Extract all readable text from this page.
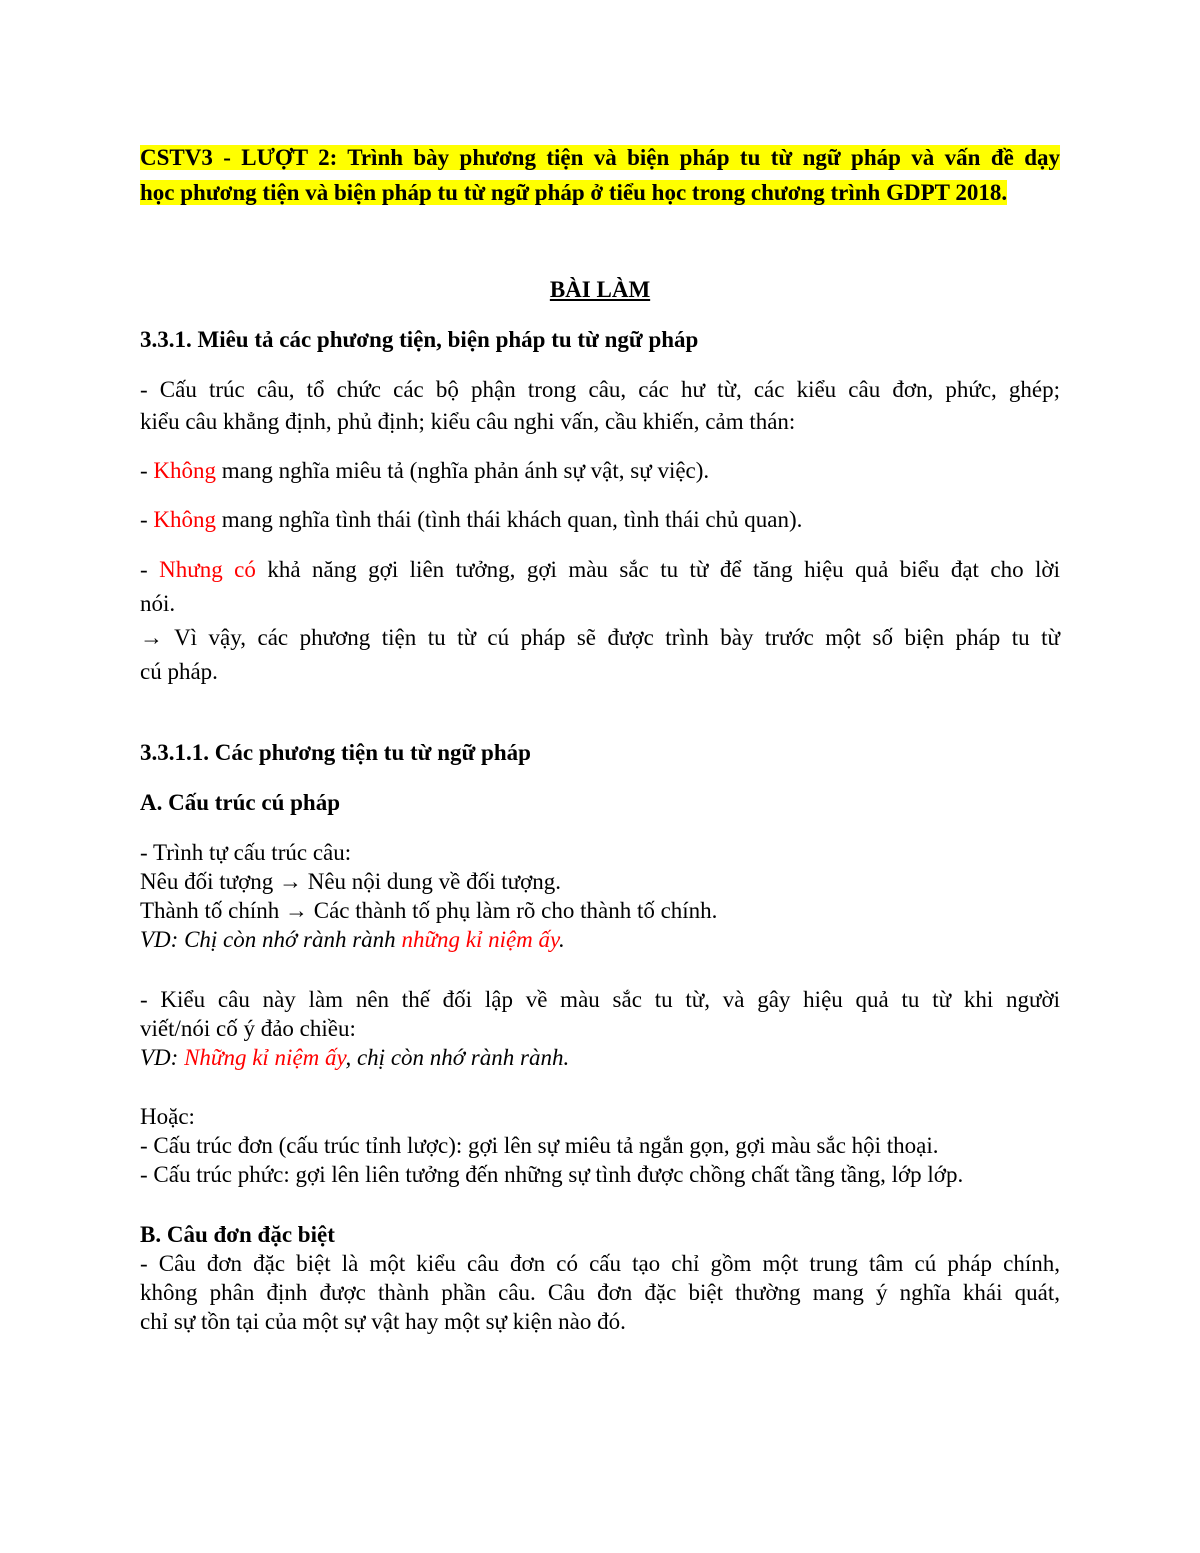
CSTV3 - LƯỢT 2: Trình bày phương tiện và biện pháp tu từ ngữ pháp và vấn đề dạy
học phương tiện và biện pháp tu từ ngữ pháp ở tiểu học trong chương trình GDPT 2018.
BÀI LÀM
3.3.1. Miêu tả các phương tiện, biện pháp tu từ ngữ pháp
- Cấu trúc câu, tổ chức các bộ phận trong câu, các hư từ, các kiểu câu đơn, phức, ghép;
kiểu câu khẳng định, phủ định; kiểu câu nghi vấn, cầu khiến, cảm thán:
- Không mang nghĩa miêu tả (nghĩa phản ánh sự vật, sự việc).
- Không mang nghĩa tình thái (tình thái khách quan, tình thái chủ quan).
- Nhưng có khả năng gợi liên tưởng, gợi màu sắc tu từ để tăng hiệu quả biểu đạt cho lời
nói.
→ Vì vậy, các phương tiện tu từ cú pháp sẽ được trình bày trước một số biện pháp tu từ
cú pháp.
3.3.1.1. Các phương tiện tu từ ngữ pháp
A. Cấu trúc cú pháp
- Trình tự cấu trúc câu:
Nêu đối tượng → Nêu nội dung về đối tượng.
Thành tố chính → Các thành tố phụ làm rõ cho thành tố chính.
VD: Chị còn nhớ rành rành những kỉ niệm ấy.
- Kiểu câu này làm nên thế đối lập về màu sắc tu từ, và gây hiệu quả tu từ khi người
viết/nói cố ý đảo chiều:
VD: Những kỉ niệm ấy, chị còn nhớ rành rành.
Hoặc:
- Cấu trúc đơn (cấu trúc tỉnh lược): gợi lên sự miêu tả ngắn gọn, gợi màu sắc hội thoại.
- Cấu trúc phức: gợi lên liên tưởng đến những sự tình được chồng chất tầng tầng, lớp lớp.
B. Câu đơn đặc biệt
- Câu đơn đặc biệt là một kiểu câu đơn có cấu tạo chỉ gồm một trung tâm cú pháp chính,
không phân định được thành phần câu. Câu đơn đặc biệt thường mang ý nghĩa khái quát,
chỉ sự tồn tại của một sự vật hay một sự kiện nào đó.
